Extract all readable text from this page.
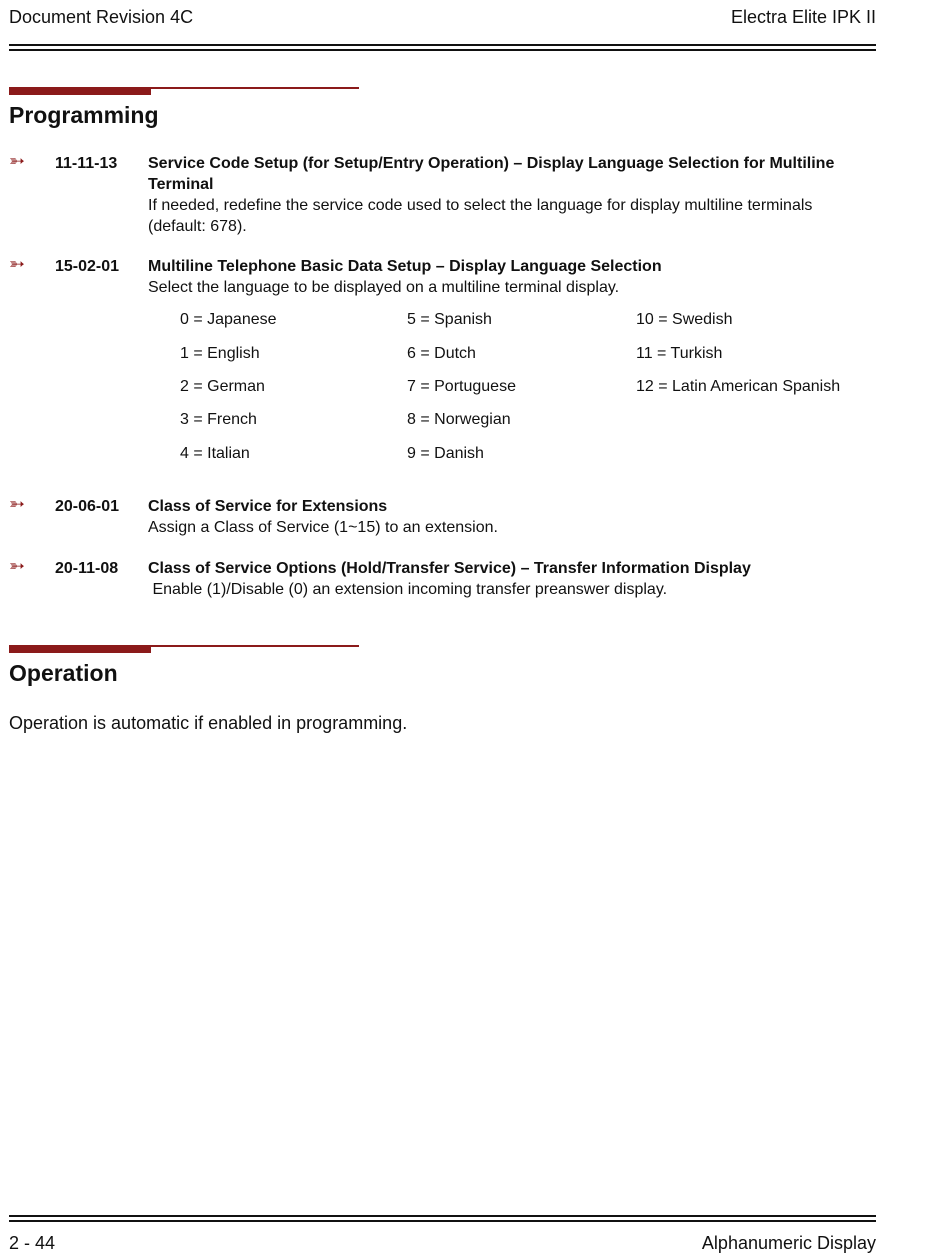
Document Revision 4C	Electra Elite IPK II
Programming
➳ 11-11-13 Service Code Setup (for Setup/Entry Operation) – Display Language Selection for Multiline Terminal
If needed, redefine the service code used to select the language for display multiline terminals (default: 678).
➳ 15-02-01 Multiline Telephone Basic Data Setup – Display Language Selection
Select the language to be displayed on a multiline terminal display.
0 = Japanese
1 = English
2 = German
3 = French
4 = Italian
5 = Spanish
6 = Dutch
7 = Portuguese
8 = Norwegian
9 = Danish
10 = Swedish
11 = Turkish
12 = Latin American Spanish
➳ 20-06-01 Class of Service for Extensions
Assign a Class of Service (1~15) to an extension.
➳ 20-11-08 Class of Service Options (Hold/Transfer Service) – Transfer Information Display
Enable (1)/Disable (0) an extension incoming transfer preanswer display.
Operation
Operation is automatic if enabled in programming.
2 - 44	Alphanumeric Display
